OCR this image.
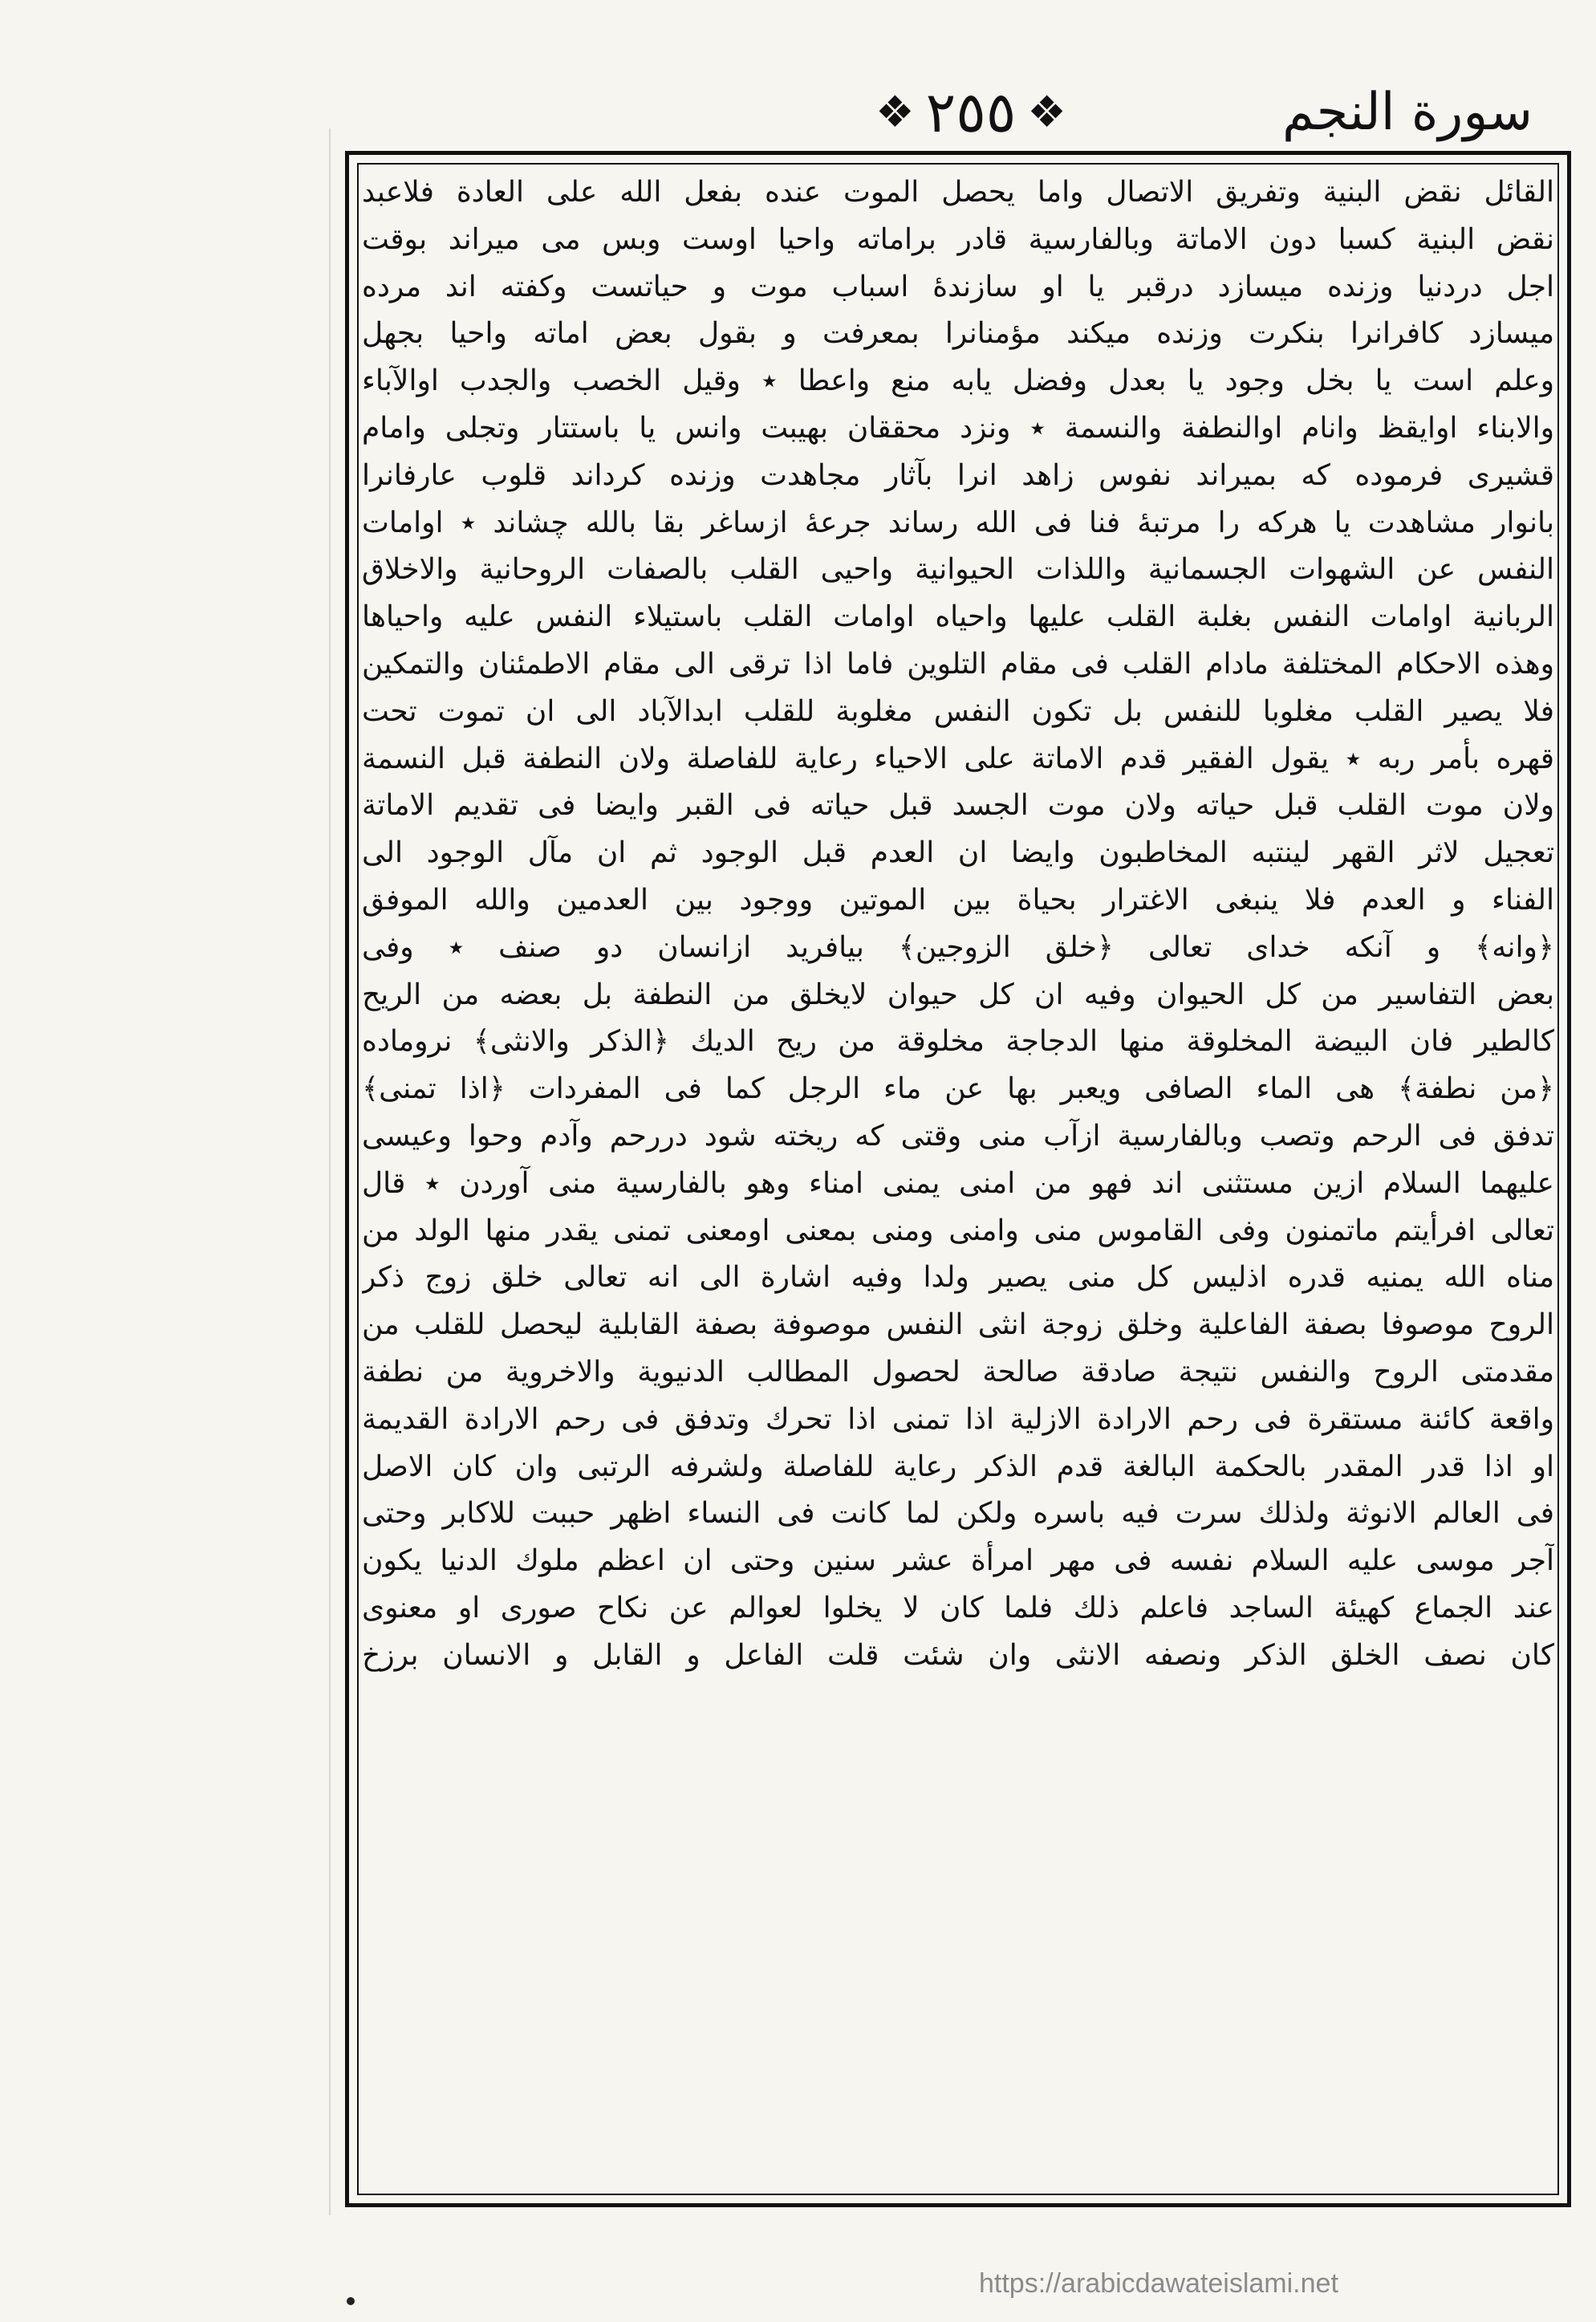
❖ ٢٥٥ ❖	سورة النجم
القائل نقض البنية وتفريق الاتصال واما يحصل الموت عنده بفعل الله على العادة فلاعبد
نقض البنية كسبا دون الاماتة وبالفارسية قادر براماته واحيا اوست وبس مى ميراند بوقت
اجل دردنيا وزنده ميسازد درقبر يا او سازندۀ اسباب موت و حياتست وكفته اند مرده
ميسازد كافرانرا بنكرت وزنده ميكند مؤمنانرا بمعرفت و بقول بعض اماته واحيا بجهل
وعلم است يا بخل وجود يا بعدل وفضل يابه منع واعطا ٭ وقيل الخصب والجدب اوالآباء
والابناء اوايقظ وانام اوالنطفة والنسمة ٭ ونزد محققان بهيبت وانس يا باستتار وتجلى وامام
قشيرى فرموده كه بميراند نفوس زاهد انرا بآثار مجاهدت وزنده كرداند قلوب عارفانرا
بانوار مشاهدت يا هركه را مرتبۀ فنا فى الله رساند جرعۀ ازساغر بقا بالله چشاند ٭ اوامات
النفس عن الشهوات الجسمانية واللذات الحيوانية واحيى القلب بالصفات الروحانية والاخلاق
الربانية اوامات النفس بغلبة القلب عليها واحياه اوامات القلب باستيلاء النفس عليه واحياها
وهذه الاحكام المختلفة مادام القلب فى مقام التلوين فاما اذا ترقى الى مقام الاطمئنان والتمكين
فلا يصير القلب مغلوبا للنفس بل تكون النفس مغلوبة للقلب ابدالآباد الى ان تموت تحت
قهره بأمر ربه ٭ يقول الفقير قدم الاماتة على الاحياء رعاية للفاصلة ولان النطفة قبل النسمة
ولان موت القلب قبل حياته ولان موت الجسد قبل حياته فى القبر وايضا فى تقديم الاماتة
تعجيل لاثر القهر لينتبه المخاطبون وايضا ان العدم قبل الوجود ثم ان مآل الوجود الى
الفناء و العدم فلا ينبغى الاغترار بحياة بين الموتين ووجود بين العدمين والله الموفق
﴿وانه﴾ و آنكه خداى تعالى ﴿خلق الزوجين﴾ بيافريد ازانسان دو صنف ٭ وفى
بعض التفاسير من كل الحيوان وفيه ان كل حيوان لايخلق من النطفة بل بعضه من الريح
كالطير فان البيضة المخلوقة منها الدجاجة مخلوقة من ريح الديك ﴿الذكر والانثى﴾ نروماده
﴿من نطفة﴾ هى الماء الصافى ويعبر بها عن ماء الرجل كما فى المفردات ﴿اذا تمنى﴾
تدفق فى الرحم وتصب وبالفارسية ازآب منى وقتى كه ريخته شود دررحم وآدم وحوا وعيسى
عليهما السلام ازين مستثنى اند فهو من امنى يمنى امناء وهو بالفارسية منى آوردن ٭ قال
تعالى افرأيتم ماتمنون وفى القاموس منى وامنى ومنى بمعنى اومعنى تمنى يقدر منها الولد من
مناه الله يمنيه قدره اذليس كل منى يصير ولدا وفيه اشارة الى انه تعالى خلق زوج ذكر
الروح موصوفا بصفة الفاعلية وخلق زوجة انثى النفس موصوفة بصفة القابلية ليحصل للقلب من
مقدمتى الروح والنفس نتيجة صادقة صالحة لحصول المطالب الدنيوية والاخروية من نطفة
واقعة كائنة مستقرة فى رحم الارادة الازلية اذا تمنى اذا تحرك وتدفق فى رحم الارادة القديمة
او اذا قدر المقدر بالحكمة البالغة قدم الذكر رعاية للفاصلة ولشرفه الرتبى وان كان الاصل
فى العالم الانوثة ولذلك سرت فيه باسره ولكن لما كانت فى النساء اظهر حببت للاكابر وحتى
آجر موسى عليه السلام نفسه فى مهر امرأة عشر سنين وحتى ان اعظم ملوك الدنيا يكون
عند الجماع كهيئة الساجد فاعلم ذلك فلما كان لا يخلوا لعوالم عن نكاح صورى او معنوى
كان نصف الخلق الذكر ونصفه الانثى وان شئت قلت الفاعل و القابل و الانسان برزخ
https://arabicdawateislami.net
